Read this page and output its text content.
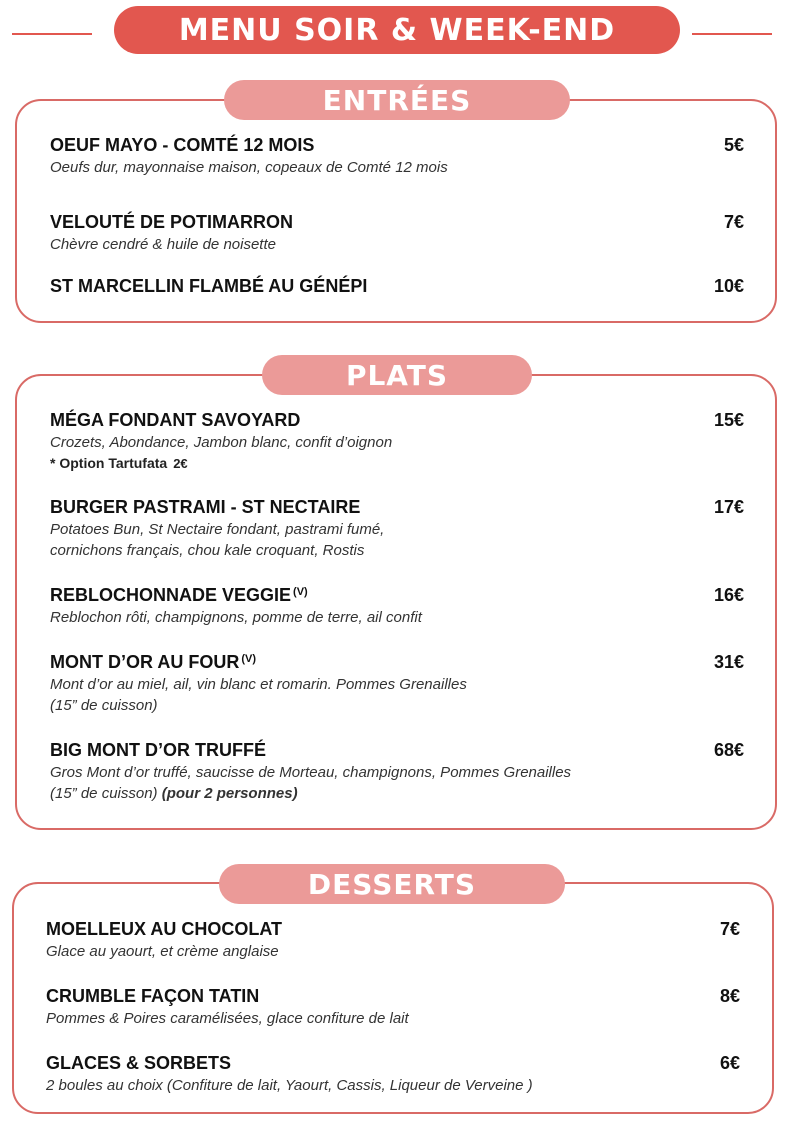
MENU SOIR & WEEK-END
ENTRÉES
OEUF MAYO - COMTÉ 12 MOIS
Oeufs dur, mayonnaise maison, copeaux de Comté 12 mois
5€
VELOUTÉ DE POTIMARRON
Chèvre cendré & huile de noisette
7€
ST MARCELLIN FLAMBÉ AU GÉNÉPI	10€
PLATS
MÉGA FONDANT SAVOYARD
Crozets, Abondance, Jambon blanc, confit d’oignon
* Option Tartufata 2€
15€
BURGER PASTRAMI - ST NECTAIRE
Potatoes Bun, St Nectaire fondant, pastrami fumé,
cornichons français, chou kale croquant, Rostis
17€
REBLOCHONNADE VEGGIE $^{(V)}$
Reblochon rôti, champignons, pomme de terre, ail confit
16€
MONT D’OR AU FOUR $^{(V)}$
Mont d’or au miel, ail, vin blanc et romarin. Pommes Grenailles
(15” de cuisson)
31€
BIG MONT D’OR TRUFFÉ
Gros Mont d’or truffé, saucisse de Morteau, champignons, Pommes Grenailles
(15” de cuisson) (pour 2 personnes)
68€
DESSERTS
MOELLEUX AU CHOCOLAT
Glace au yaourt, et crème anglaise
7€
CRUMBLE FAÇON TATIN
Pommes & Poires caramélisées, glace confiture de lait
8€
GLACES & SORBETS
2 boules au choix (Confiture de lait, Yaourt, Cassis, Liqueur de Verveine )
6€
